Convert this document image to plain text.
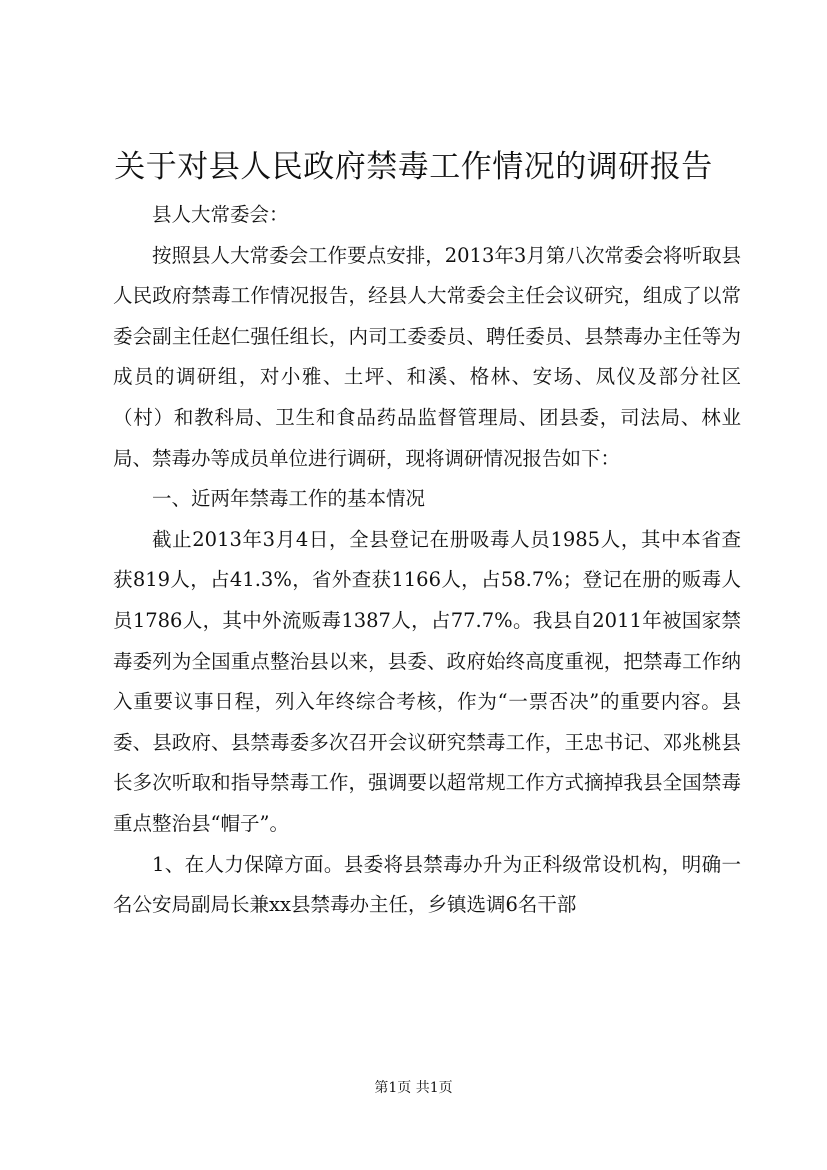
关于对县人民政府禁毒工作情况的调研报告

县人大常委会：

按照县人大常委会工作要点安排，2013年3月第八次常委会将听取县人民政府禁毒工作情况报告，经县人大常委会主任会议研究，组成了以常委会副主任赵仁强任组长，内司工委委员、聘任委员、县禁毒办主任等为成员的调研组，对小雅、土坪、和溪、格林、安场、凤仪及部分社区（村）和教科局、卫生和食品药品监督管理局、团县委，司法局、林业局、禁毒办等成员单位进行调研，现将调研情况报告如下：

一、近两年禁毒工作的基本情况

截止2013年3月4日，全县登记在册吸毒人员1985人，其中本省查获819人，占41.3%，省外查获1166人，占58.7%；登记在册的贩毒人员1786人，其中外流贩毒1387人，占77.7%。我县自2011年被国家禁毒委列为全国重点整治县以来，县委、政府始终高度重视，把禁毒工作纳入重要议事日程，列入年终综合考核，作为“一票否决”的重要内容。县委、县政府、县禁毒委多次召开会议研究禁毒工作，王忠书记、邓兆桃县长多次听取和指导禁毒工作，强调要以超常规工作方式摘掉我县全国禁毒重点整治县“帽子”。

1、在人力保障方面。县委将县禁毒办升为正科级常设机构，明确一名公安局副局长兼xx县禁毒办主任，乡镇选调6名干部

第1页 共1页
